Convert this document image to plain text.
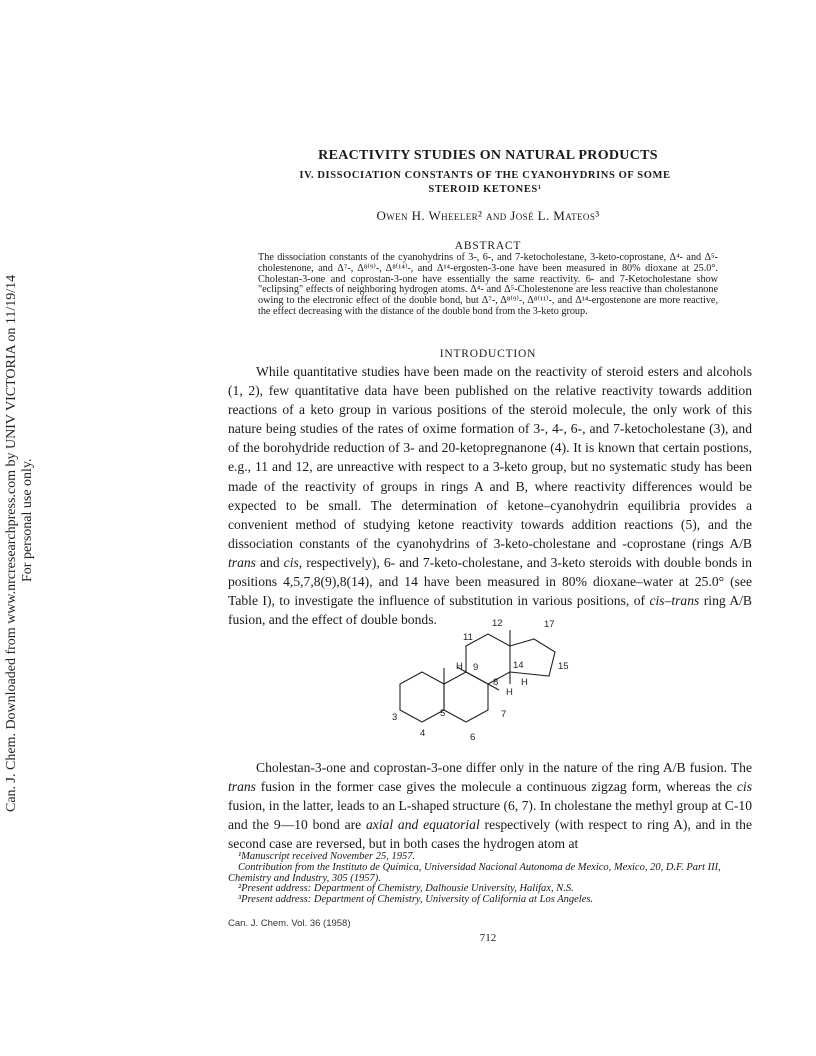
Can. J. Chem. Downloaded from www.nrcresearchpress.com by UNIV VICTORIA on 11/19/14 For personal use only.
REACTIVITY STUDIES ON NATURAL PRODUCTS
IV. DISSOCIATION CONSTANTS OF THE CYANOHYDRINS OF SOME STEROID KETONES¹
Owen H. Wheeler² and José L. Mateos³
ABSTRACT
The dissociation constants of the cyanohydrins of 3-, 6-, and 7-ketocholestane, 3-keto-coprostane, Δ⁴- and Δ⁵-cholestenone, and Δ⁷-, Δ⁸⁽⁹⁾-, Δ⁸⁽¹⁴⁾-, and Δ¹⁴-ergosten-3-one have been measured in 80% dioxane at 25.0°. Cholestan-3-one and coprostan-3-one have essentially the same reactivity. 6- and 7-Ketocholestane show "eclipsing" effects of neighboring hydrogen atoms. Δ⁴- and Δ⁵-Cholestenone are less reactive than cholestanone owing to the electronic effect of the double bond, but Δ⁷-, Δ⁸⁽⁹⁾-, Δ⁸⁽¹¹⁾-, and Δ¹⁴-ergostenone are more reactive, the effect decreasing with the distance of the double bond from the 3-keto group.
INTRODUCTION
While quantitative studies have been made on the reactivity of steroid esters and alcohols (1, 2), few quantitative data have been published on the relative reactivity towards addition reactions of a keto group in various positions of the steroid molecule, the only work of this nature being studies of the rates of oxime formation of 3-, 4-, 6-, and 7-ketocholestane (3), and of the borohydride reduction of 3- and 20-ketopregnanone (4). It is known that certain postions, e.g., 11 and 12, are unreactive with respect to a 3-keto group, but no systematic study has been made of the reactivity of groups in rings A and B, where reactivity differences would be expected to be small. The determination of ketone–cyanohydrin equilibria provides a convenient method of studying ketone reactivity towards addition reactions (5), and the dissociation constants of the cyanohydrins of 3-keto-cholestane and -coprostane (rings A/B trans and cis, respectively), 6- and 7-keto-cholestane, and 3-keto steroids with double bonds in positions 4,5,7,8(9),8(14), and 14 have been measured in 80% dioxane–water at 25.0° (see Table I), to investigate the influence of substitution in various positions, of cis–trans ring A/B fusion, and the effect of double bonds.
11
12	17
H 9	14	15
8 H
H
7
5
3
4	6
Cholestan-3-one and coprostan-3-one differ only in the nature of the ring A/B fusion. The trans fusion in the former case gives the molecule a continuous zigzag form, whereas the cis fusion, in the latter, leads to an L-shaped structure (6, 7). In cholestane the methyl group at C-10 and the 9—10 bond are axial and equatorial respectively (with respect to ring A), and in the second case are reversed, but in both cases the hydrogen atom at
¹Manuscript received November 25, 1957.
Contribution from the Instituto de Química, Universidad Nacional Autonoma de Mexico, Mexico, 20, D.F. Part III, Chemistry and Industry, 305 (1957).
²Present address: Department of Chemistry, Dalhousie University, Halifax, N.S.
³Present address: Department of Chemistry, University of California at Los Angeles.
Can. J. Chem. Vol. 36 (1958)
712
